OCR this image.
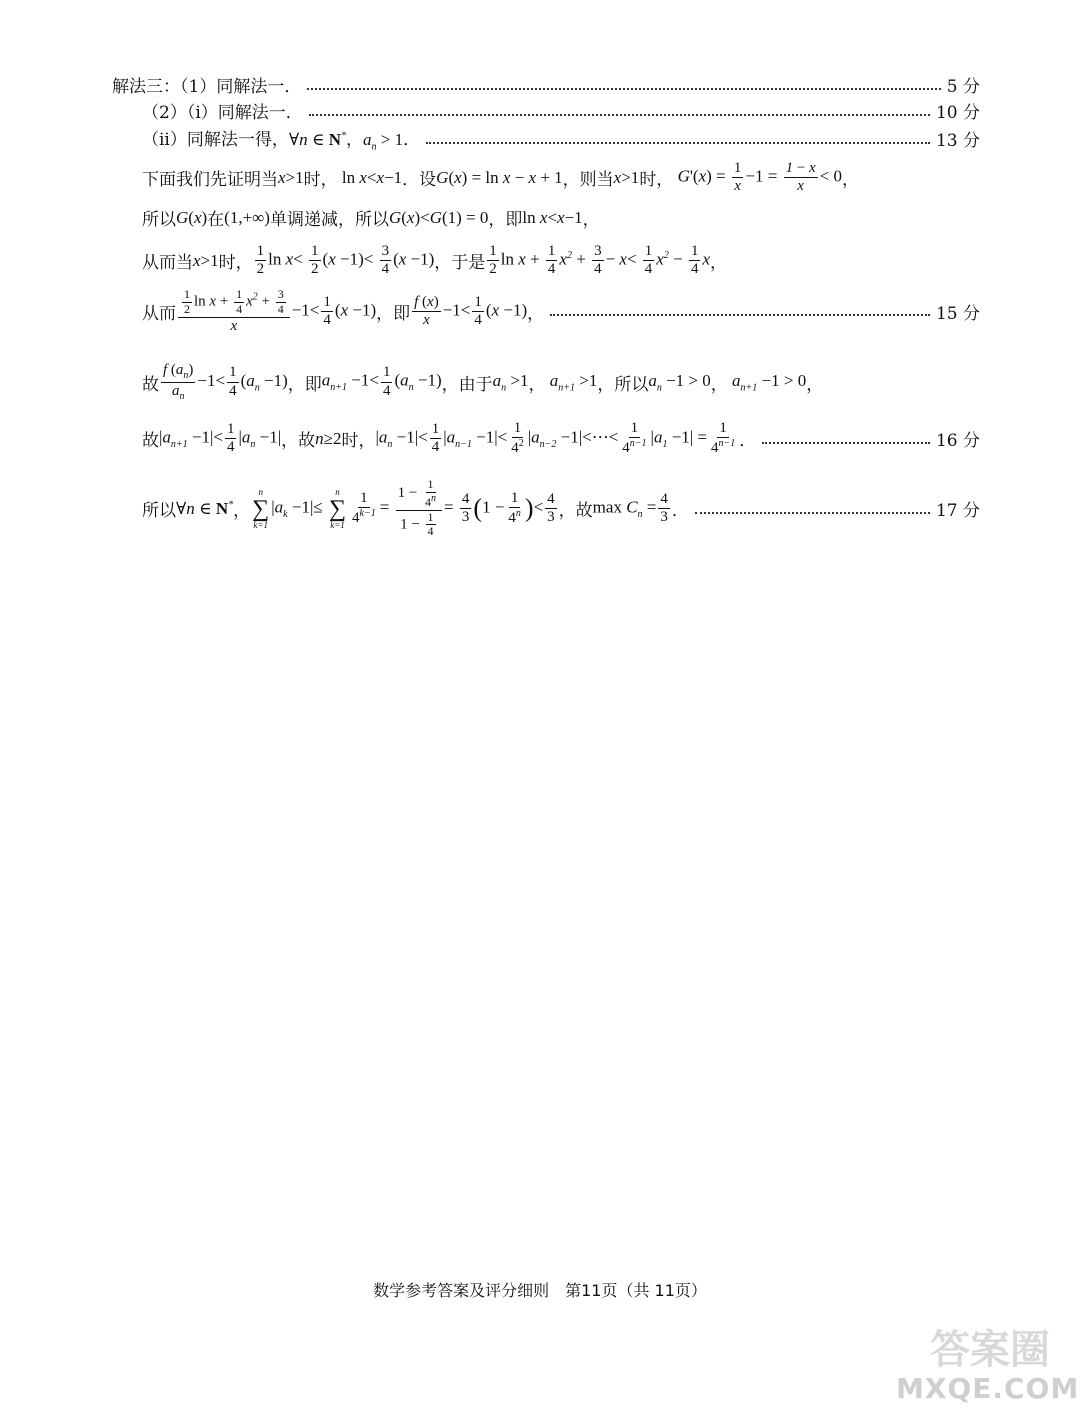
解法三：（1）同解法一．	5 分
（2）（i）同解法一．	10 分
（ii）同解法一得，∀n ∈ N*，$a_n > 1$．	13 分
下面我们先证明当 x>1 时， ln x<x−1 ．设 G(x) = ln x − x + 1 ，则当 x>1 时， $G'(x) = \frac{1}{x} -1 = \frac{1 - x}{x} < 0$ ，
所以 G(x) 在 (1,+∞) 单调递减，所以 G(x)<G(1) = 0 ，即 ln x<x−1 ，
从而当 x>1 时， $\frac{1}{2}$ $\ln x< \frac{1}{2} (x -1)< \frac{3}{4} (x -1)$ ，于是 $\frac{1}{2}$ $\ln x + \frac{1}{4} x^2 + \frac{3}{4} - x< \frac{1}{4} x^2 - \frac{1}{4}$ x ，
从而 $\frac{\frac{1}{2} \ln x + \frac{1}{4} x^2 + \frac{3}{4}}{x} -1< \frac{1}{4} (x -1)$ ，即 $\frac{f (x)}{x} -1< \frac{1}{4} (x -1)$ ，	15 分
故 $\frac{f (a_n)}{a_n} -1< \frac{1}{4} (a_n -1)$ ，即 $a_{n+1} -1< \frac{1}{4} (a_n -1)$ ，由于 $a_n >1$ ， $a_{n+1} >1$ ，所以 $a_n -1 > 0$ ， $a_{n+1} -1 > 0$ ，
故 $|a_{n+1} -1|< \frac{1}{4} |a_n -1|$ ，故 n≥2 时， $|a_n -1|< \frac{1}{4} |a_{n-1} -1|< \frac{1}{4^2} |a_{n-2}$ −1|<⋯< $\frac{1}{4^{n-1}} |a_1 -1| = \frac{1}{4^{n-1}}$ ．	16 分
所以 ∀n ∈ N* ，
n
∑
k=1
$|a_k -1|\le$
n
∑
$k=1 \frac{1}{4^{k-1}} = \frac{1 - \frac{1}{4^n}}{1 - \frac{1}{4}} = \frac{4}{3} (1 - \frac{1}{4^n}$ )< $\frac{4}{3}$ ，故 $\max C_n = \frac{4}{3}$ ．	17 分
数学参考答案及评分细则　第11页（共 11页）
答案圈
MXQE.COM
